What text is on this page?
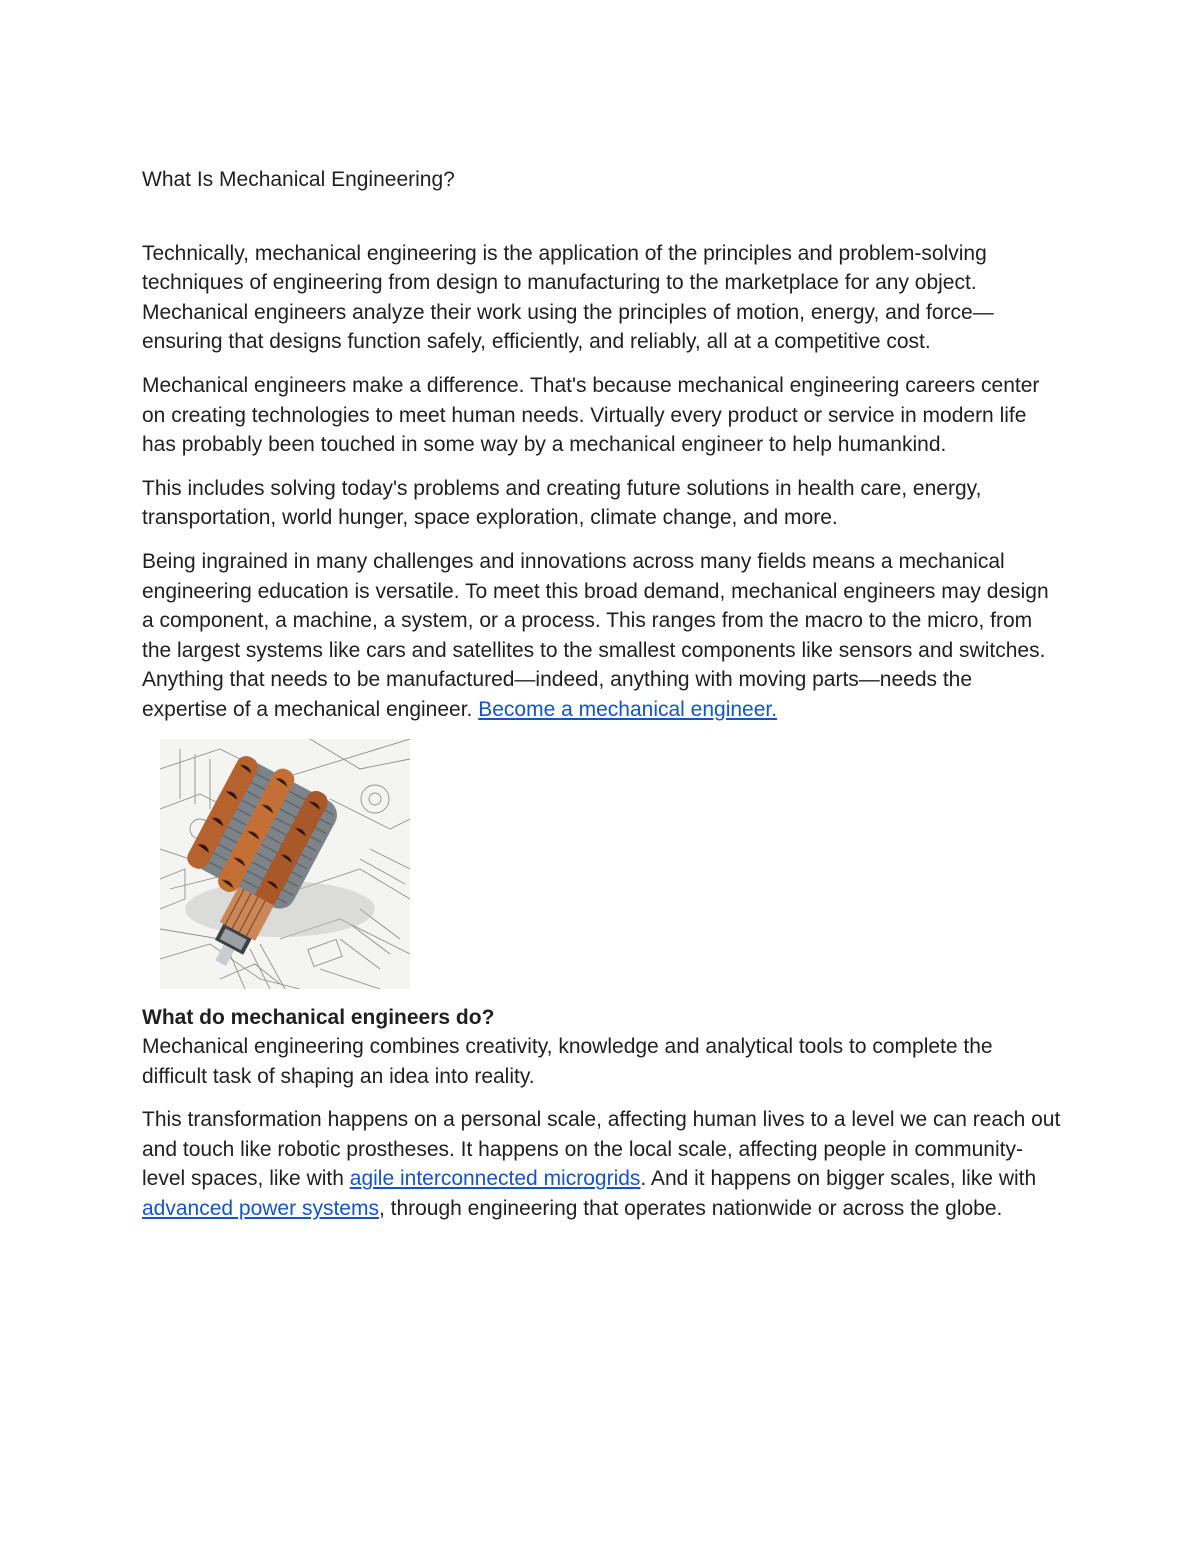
What Is Mechanical Engineering?

Technically, mechanical engineering is the application of the principles and problem-solving techniques of engineering from design to manufacturing to the marketplace for any object. Mechanical engineers analyze their work using the principles of motion, energy, and force—ensuring that designs function safely, efficiently, and reliably, all at a competitive cost.

Mechanical engineers make a difference. That's because mechanical engineering careers center on creating technologies to meet human needs. Virtually every product or service in modern life has probably been touched in some way by a mechanical engineer to help humankind.

This includes solving today's problems and creating future solutions in health care, energy, transportation, world hunger, space exploration, climate change, and more.

Being ingrained in many challenges and innovations across many fields means a mechanical engineering education is versatile. To meet this broad demand, mechanical engineers may design a component, a machine, a system, or a process. This ranges from the macro to the micro, from the largest systems like cars and satellites to the smallest components like sensors and switches. Anything that needs to be manufactured—indeed, anything with moving parts—needs the expertise of a mechanical engineer. Become a mechanical engineer.

What do mechanical engineers do?

Mechanical engineering combines creativity, knowledge and analytical tools to complete the difficult task of shaping an idea into reality.

This transformation happens on a personal scale, affecting human lives to a level we can reach out and touch like robotic prostheses. It happens on the local scale, affecting people in community-level spaces, like with agile interconnected microgrids. And it happens on bigger scales, like with advanced power systems, through engineering that operates nationwide or across the globe.
